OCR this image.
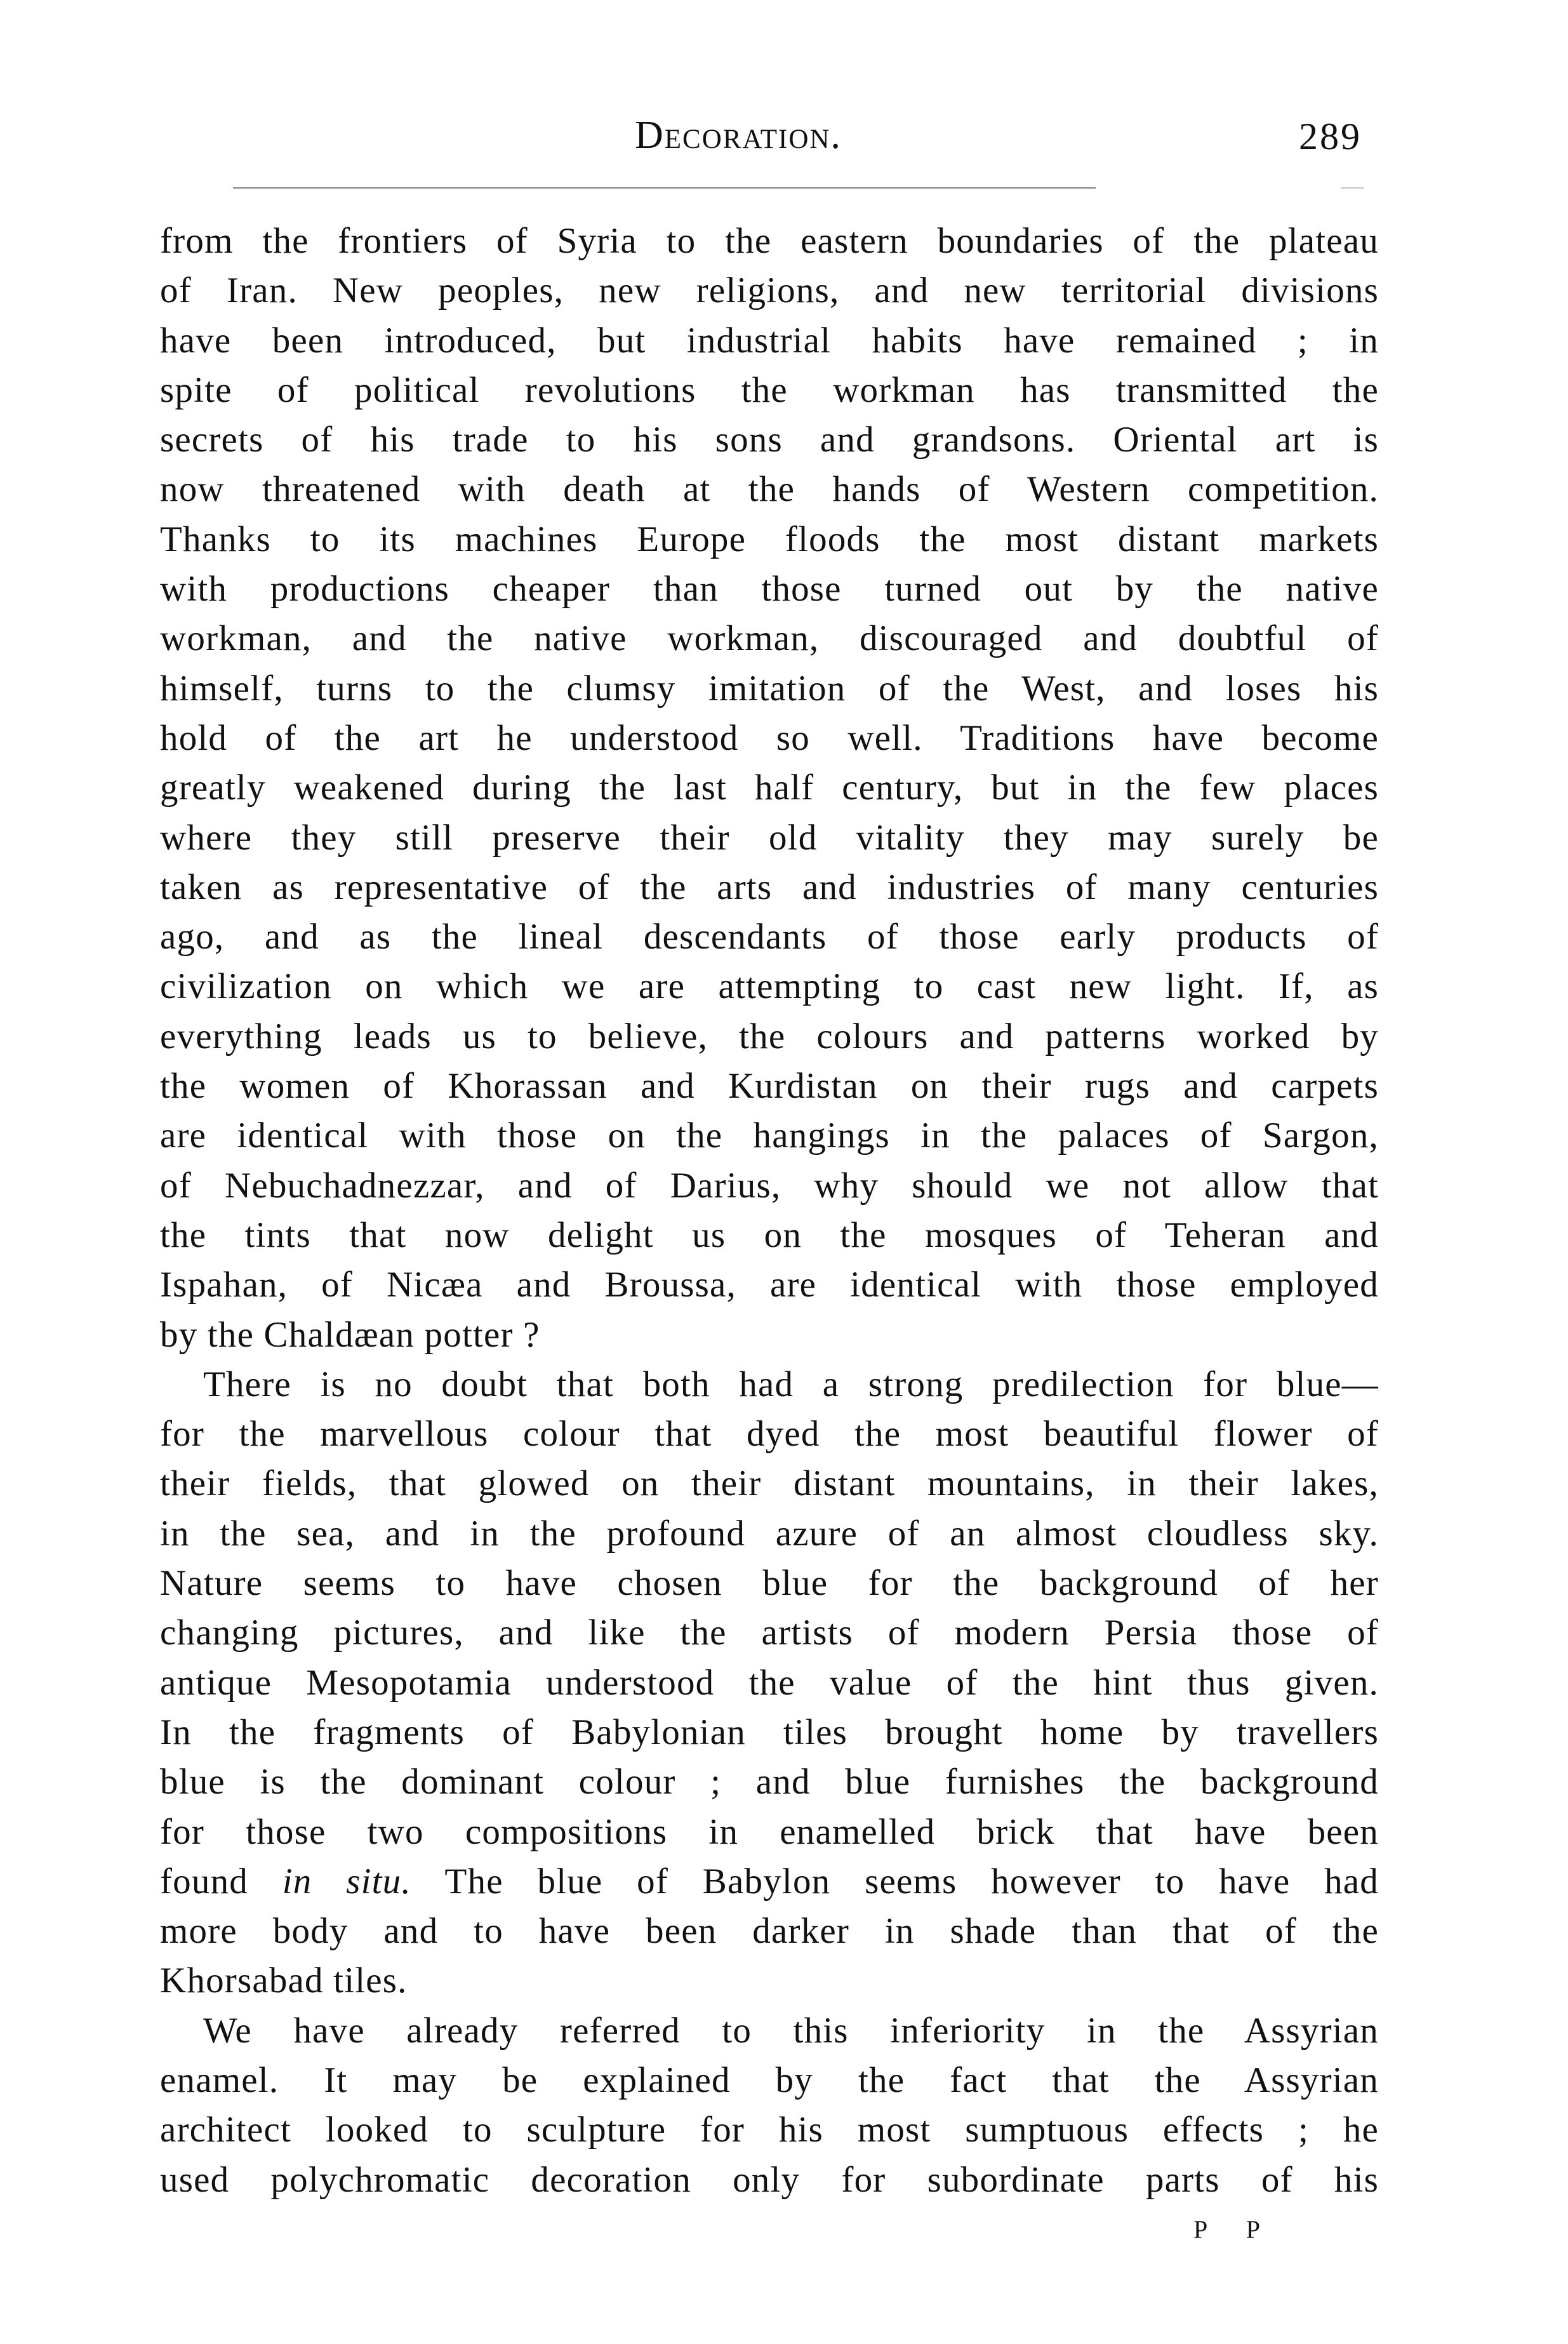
Decoration.	289
from the frontiers of Syria to the eastern boundaries of the plateau
of Iran. New peoples, new religions, and new territorial divisions
have been introduced, but industrial habits have remained ; in
spite of political revolutions the workman has transmitted the
secrets of his trade to his sons and grandsons. Oriental art is
now threatened with death at the hands of Western competition.
Thanks to its machines Europe floods the most distant markets
with productions cheaper than those turned out by the native
workman, and the native workman, discouraged and doubtful of
himself, turns to the clumsy imitation of the West, and loses his
hold of the art he understood so well. Traditions have become
greatly weakened during the last half century, but in the few places
where they still preserve their old vitality they may surely be
taken as representative of the arts and industries of many centuries
ago, and as the lineal descendants of those early products of
civilization on which we are attempting to cast new light. If, as
everything leads us to believe, the colours and patterns worked by
the women of Khorassan and Kurdistan on their rugs and carpets
are identical with those on the hangings in the palaces of Sargon,
of Nebuchadnezzar, and of Darius, why should we not allow that
the tints that now delight us on the mosques of Teheran and
Ispahan, of Nicæa and Broussa, are identical with those employed
by the Chaldæan potter ?
There is no doubt that both had a strong predilection for blue—
for the marvellous colour that dyed the most beautiful flower of
their fields, that glowed on their distant mountains, in their lakes,
in the sea, and in the profound azure of an almost cloudless sky.
Nature seems to have chosen blue for the background of her
changing pictures, and like the artists of modern Persia those of
antique Mesopotamia understood the value of the hint thus given.
In the fragments of Babylonian tiles brought home by travellers
blue is the dominant colour ; and blue furnishes the background
for those two compositions in enamelled brick that have been
found in situ. The blue of Babylon seems however to have had
more body and to have been darker in shade than that of the
Khorsabad tiles.
We have already referred to this inferiority in the Assyrian
enamel. It may be explained by the fact that the Assyrian
architect looked to sculpture for his most sumptuous effects ; he
used polychromatic decoration only for subordinate parts of his
P P
